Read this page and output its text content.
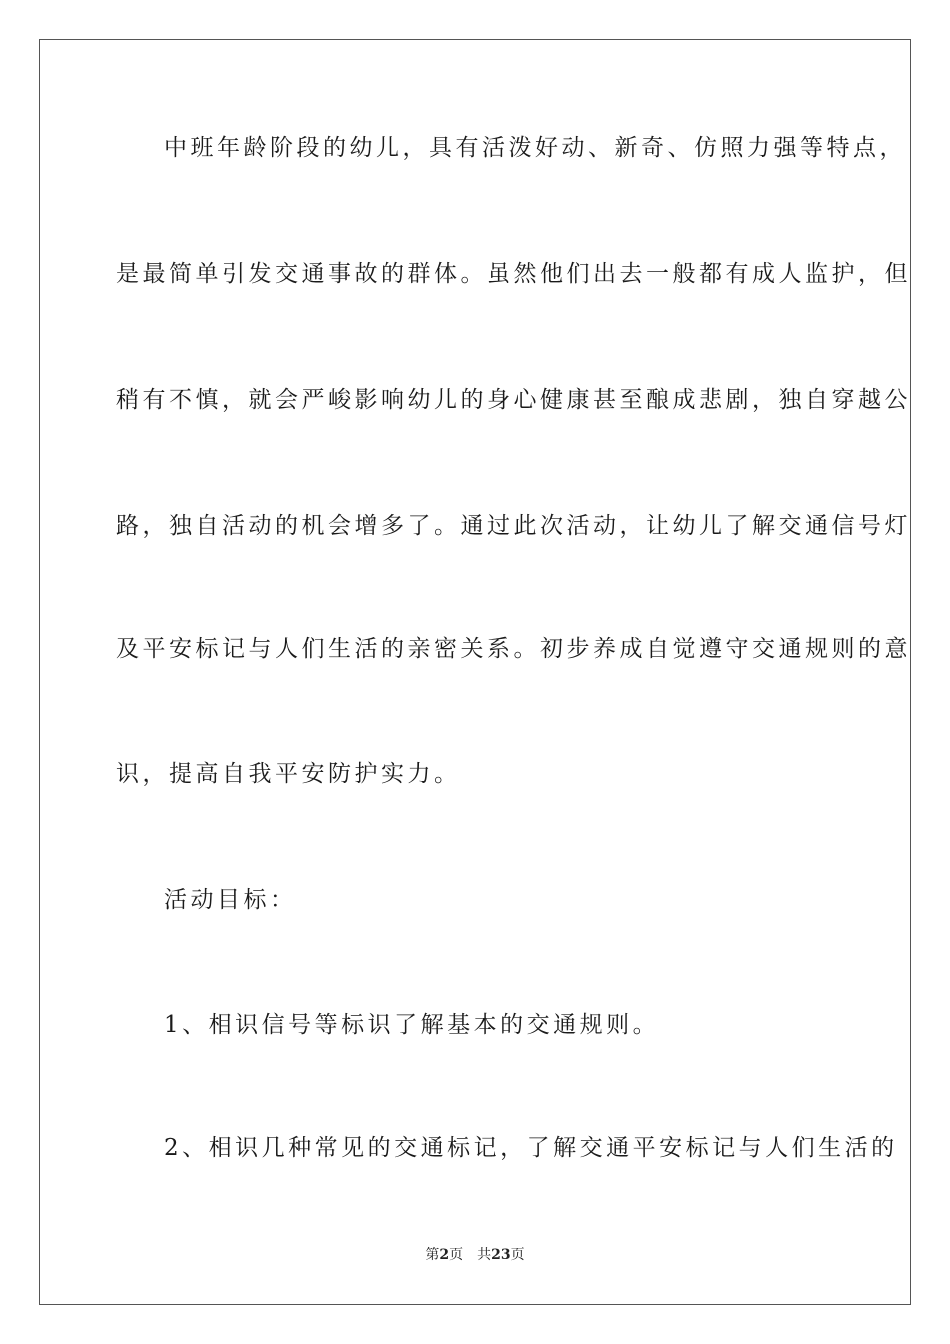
中班年龄阶段的幼儿，具有活泼好动、新奇、仿照力强等特点，
是最简单引发交通事故的群体。虽然他们出去一般都有成人监护，但
稍有不慎，就会严峻影响幼儿的身心健康甚至酿成悲剧，独自穿越公
路，独自活动的机会增多了。通过此次活动，让幼儿了解交通信号灯
及平安标记与人们生活的亲密关系。初步养成自觉遵守交通规则的意
识，提高自我平安防护实力。
活动目标：
1、相识信号等标识了解基本的交通规则。
2、相识几种常见的交通标记，了解交通平安标记与人们生活的
第2页 共23页
